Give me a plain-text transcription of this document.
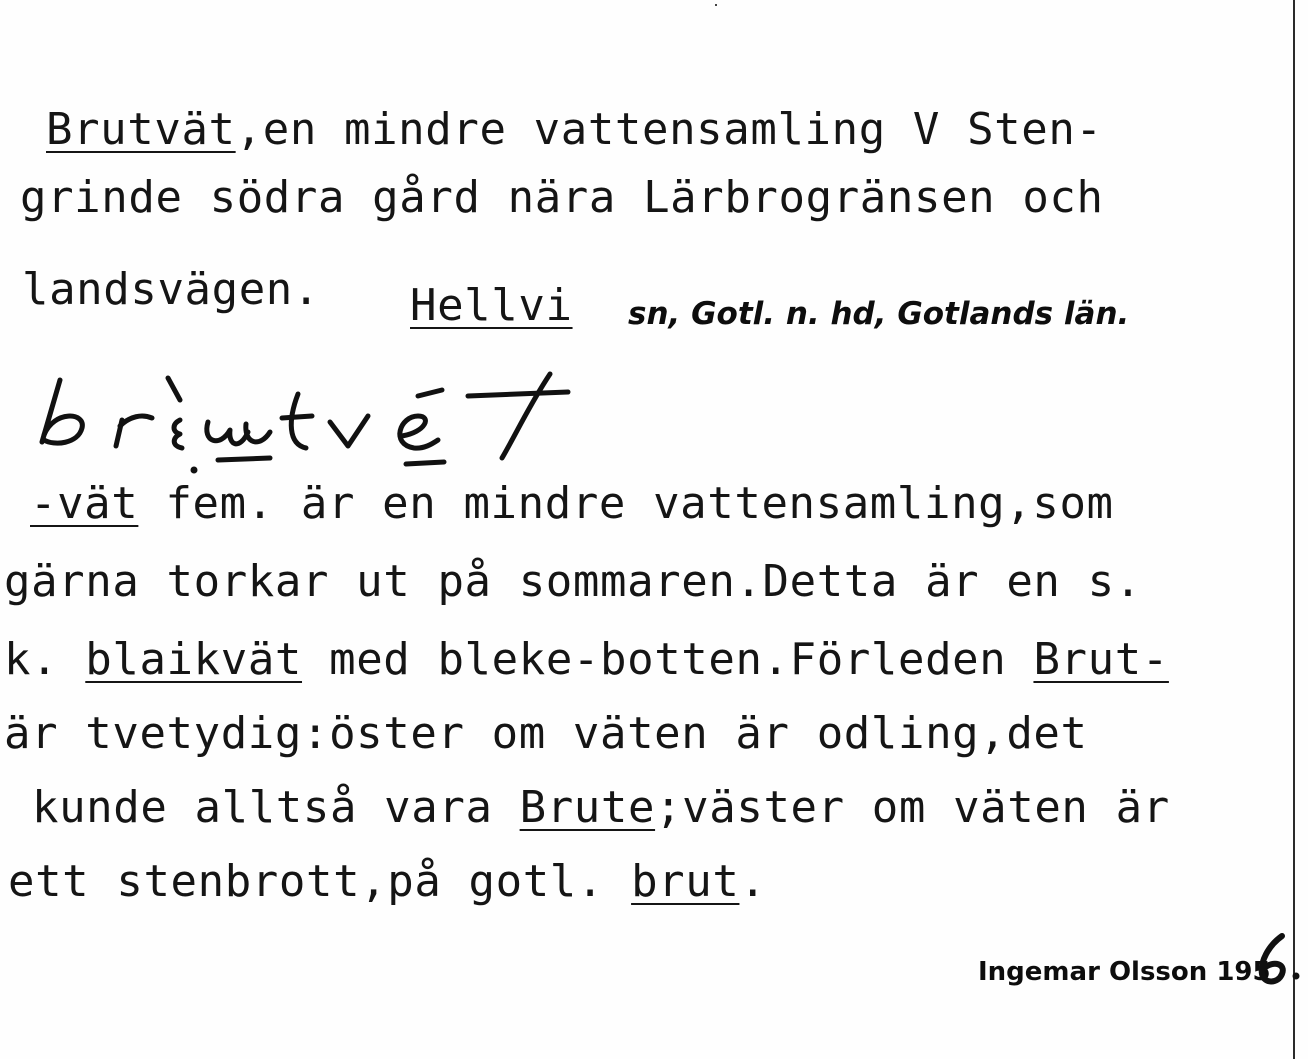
Brutvät,en mindre vattensamling V Sten-
grinde södra gård nära Lärbrogränsen och
landsvägen. Hellvi sn, Gotl. n. hd, Gotlands län.
-vät fem. är en mindre vattensamling,som
gärna torkar ut på sommaren.Detta är en s.
k. blaikvät med bleke-botten.Förleden Brut-
är tvetydig:öster om väten är odling,det
kunde alltså vara Brute;väster om väten är
ett stenbrott,på gotl. brut.
Ingemar Olsson 195
